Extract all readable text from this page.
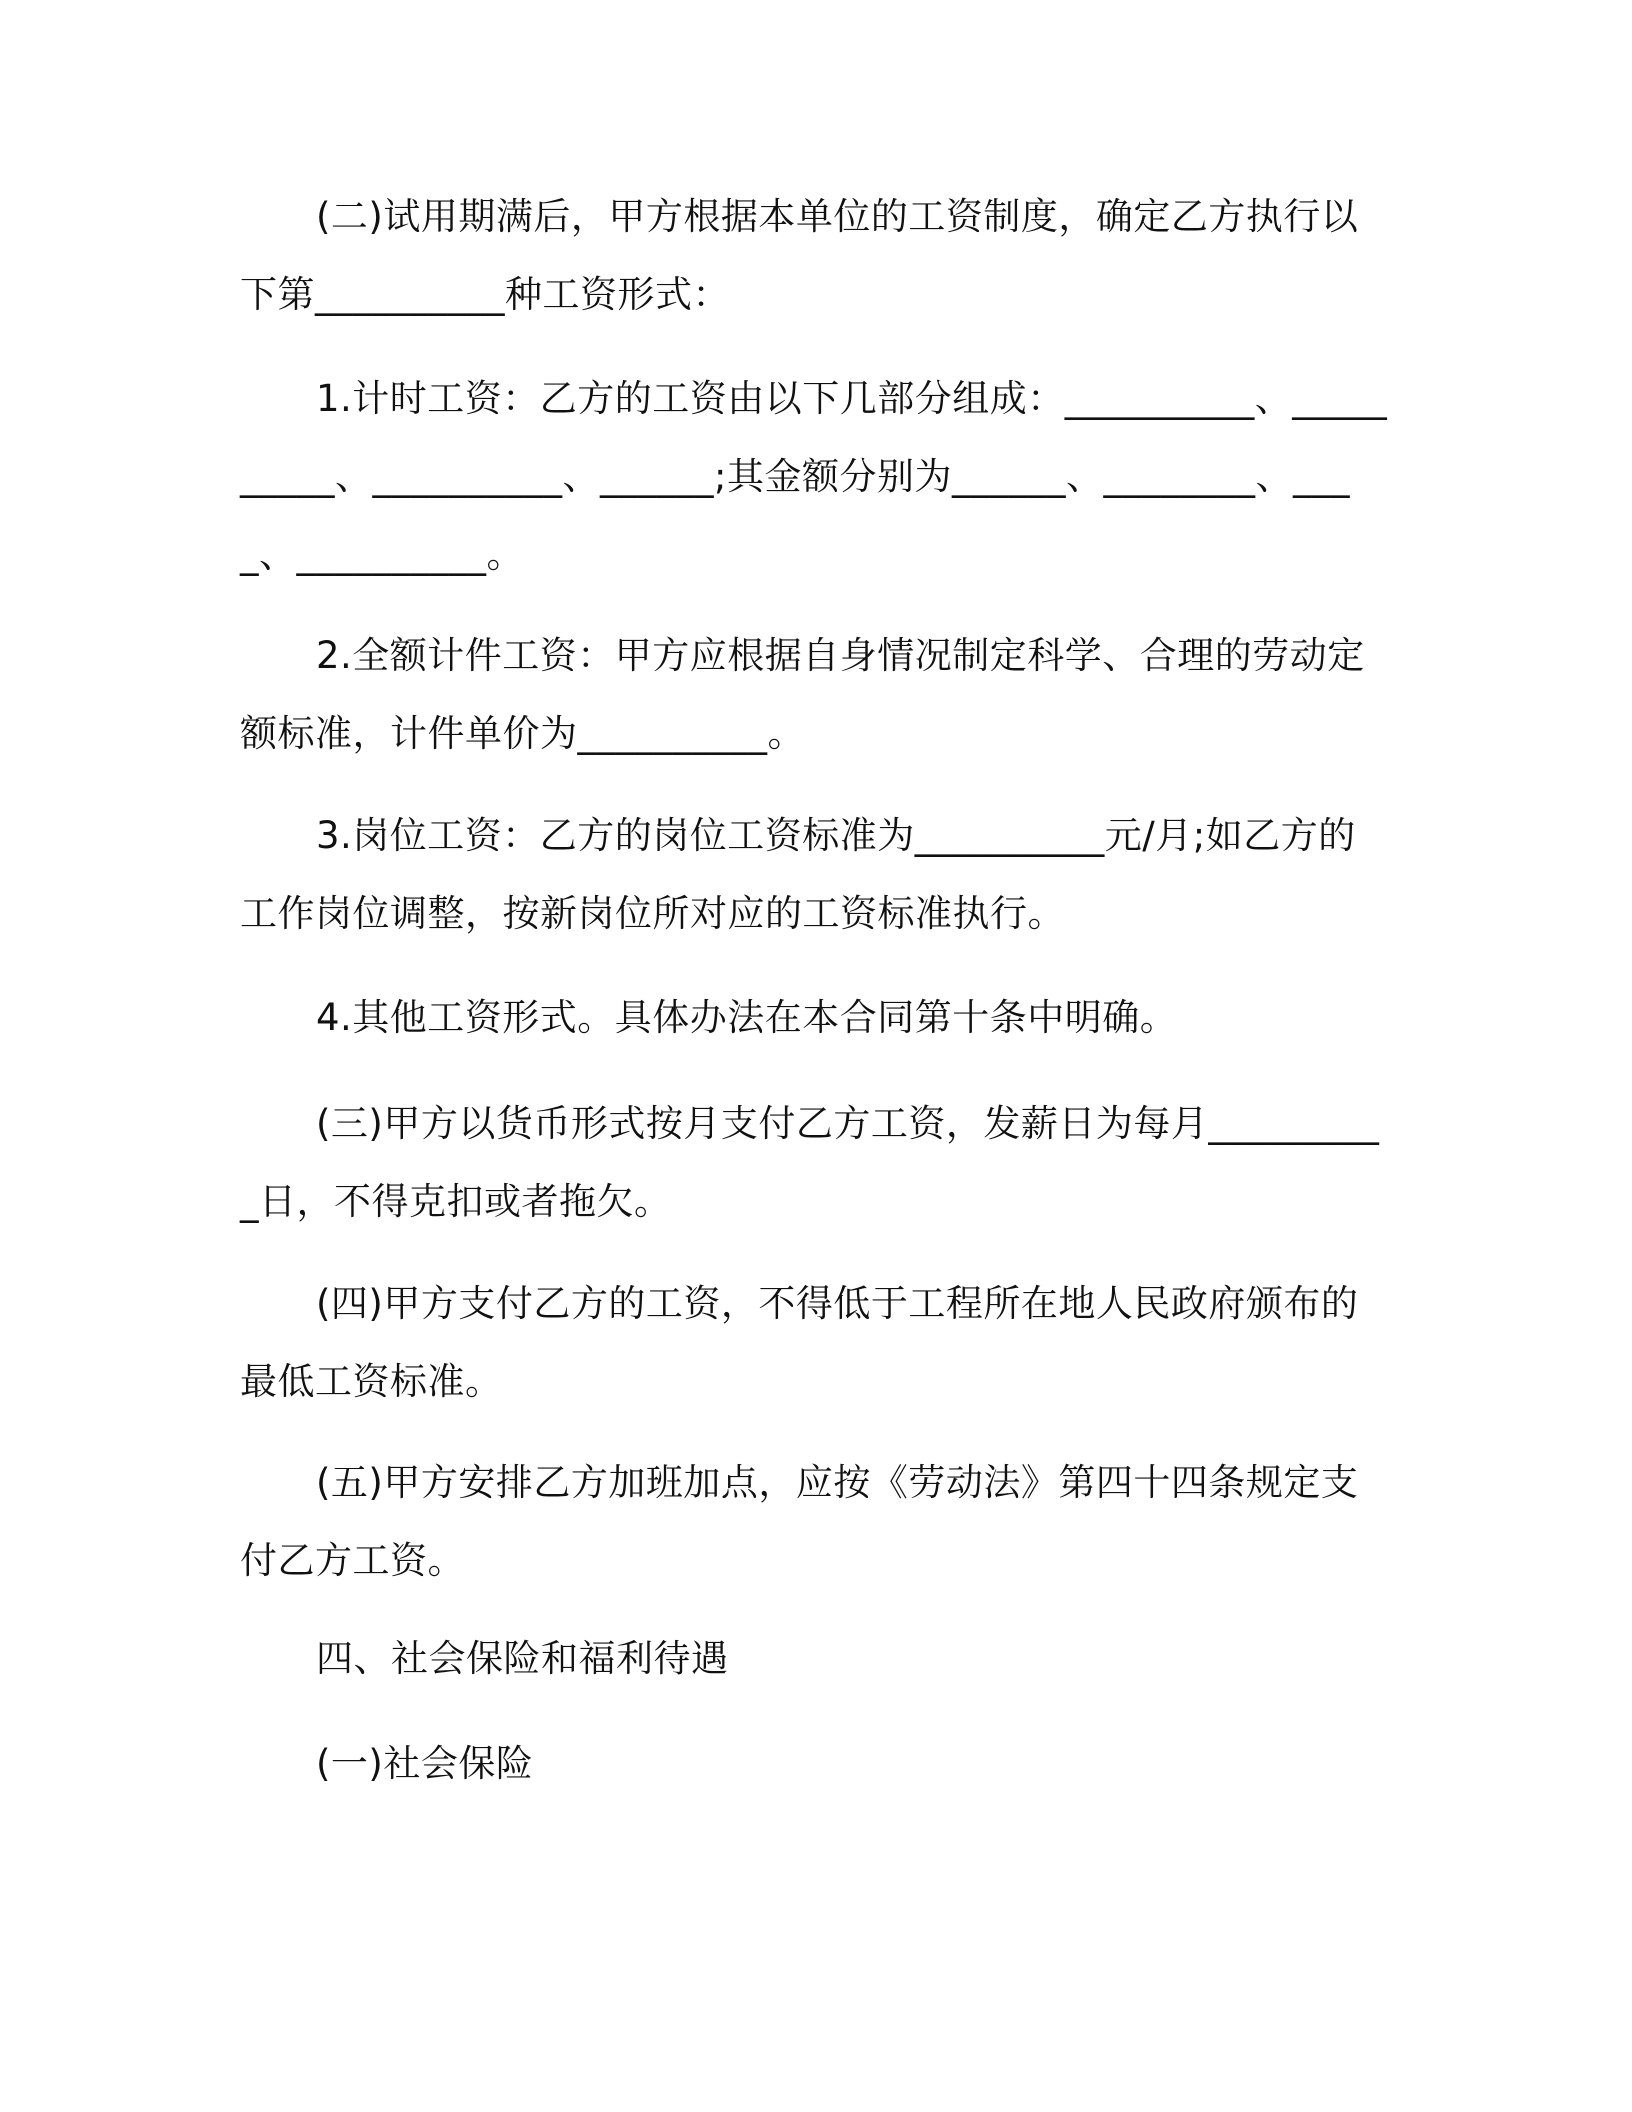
(二)试用期满后，甲方根据本单位的工资制度，确定乙方执行以下第__________种工资形式：

1.计时工资：乙方的工资由以下几部分组成：__________、__________、__________、______;其金额分别为______、________、____、__________。

2.全额计件工资：甲方应根据自身情况制定科学、合理的劳动定额标准，计件单价为__________。

3.岗位工资：乙方的岗位工资标准为__________元/月;如乙方的工作岗位调整，按新岗位所对应的工资标准执行。

4.其他工资形式。具体办法在本合同第十条中明确。

(三)甲方以货币形式按月支付乙方工资，发薪日为每月__________日，不得克扣或者拖欠。

(四)甲方支付乙方的工资，不得低于工程所在地人民政府颁布的最低工资标准。

(五)甲方安排乙方加班加点，应按《劳动法》第四十四条规定支付乙方工资。

四、社会保险和福利待遇

(一)社会保险
